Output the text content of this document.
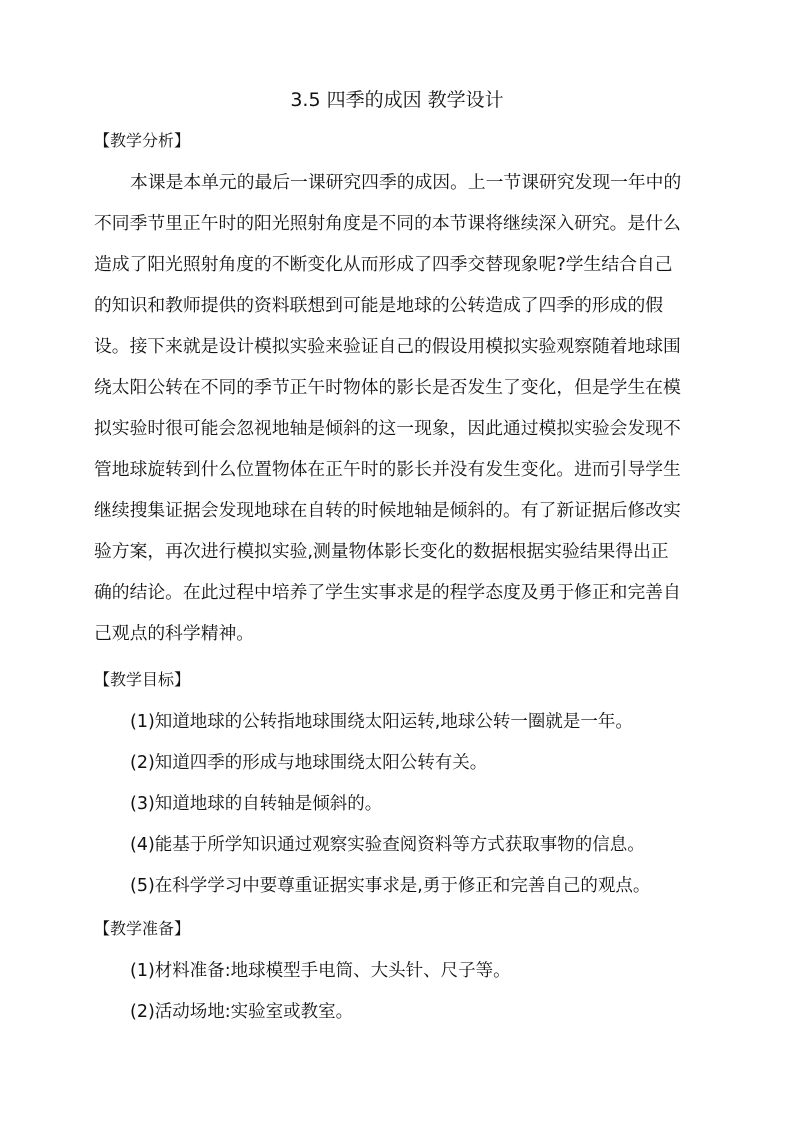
3.5 四季的成因 教学设计
【教学分析】
本课是本单元的最后一课研究四季的成因。上一节课研究发现一年中的
不同季节里正午时的阳光照射角度是不同的本节课将继续深入研究。是什么
造成了阳光照射角度的不断变化从而形成了四季交替现象呢?学生结合自己
的知识和教师提供的资料联想到可能是地球的公转造成了四季的形成的假
设。接下来就是设计模拟实验来验证自己的假设用模拟实验观察随着地球围
绕太阳公转在不同的季节正午时物体的影长是否发生了变化，但是学生在模
拟实验时很可能会忽视地轴是倾斜的这一现象，因此通过模拟实验会发现不
管地球旋转到什么位置物体在正午时的影长并没有发生变化。进而引导学生
继续搜集证据会发现地球在自转的时候地轴是倾斜的。有了新证据后修改实
验方案，再次进行模拟实验,测量物体影长变化的数据根据实验结果得出正
确的结论。在此过程中培养了学生实事求是的程学态度及勇于修正和完善自
己观点的科学精神。
【教学目标】
(1)知道地球的公转指地球围绕太阳运转,地球公转一圈就是一年。
(2)知道四季的形成与地球围绕太阳公转有关。
(3)知道地球的自转轴是倾斜的。
(4)能基于所学知识通过观察实验查阅资料等方式获取事物的信息。
(5)在科学学习中要尊重证据实事求是,勇于修正和完善自己的观点。
【教学准备】
(1)材料准备:地球模型手电筒、大头针、尺子等。
(2)活动场地:实验室或教室。
